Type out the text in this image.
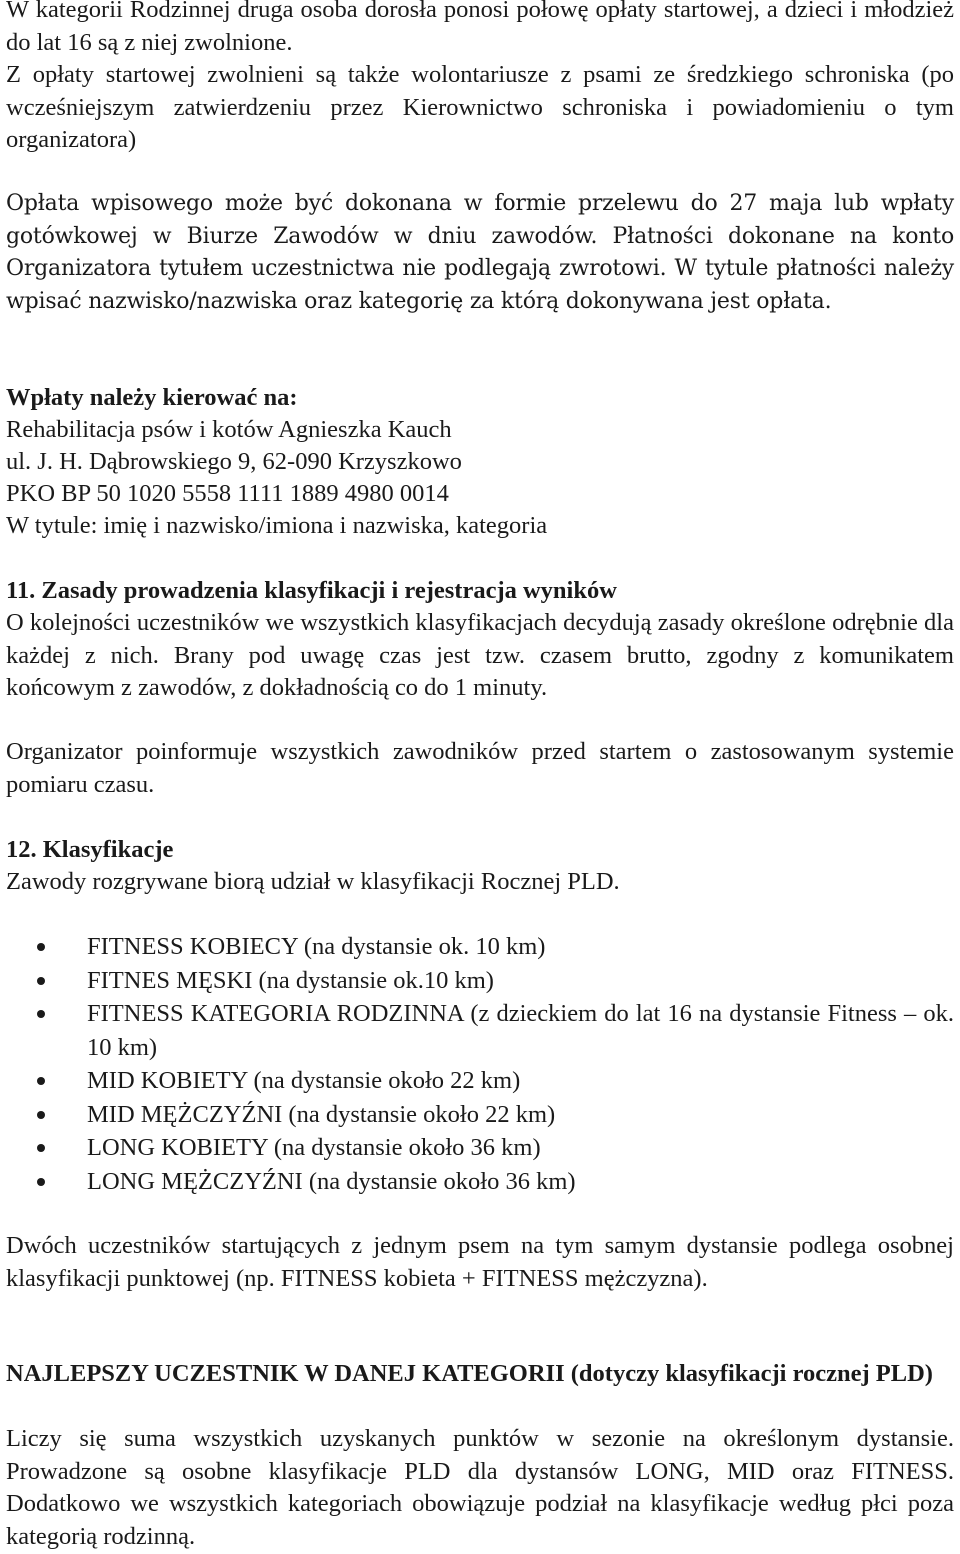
W kategorii Rodzinnej druga osoba dorosła ponosi połowę opłaty startowej, a dzieci i młodzież do lat 16 są z niej zwolnione.

Z opłaty startowej zwolnieni są także wolontariusze z psami ze średzkiego schroniska (po wcześniejszym zatwierdzeniu przez Kierownictwo schroniska i powiadomieniu o tym organizatora)

Opłata wpisowego może być dokonana w formie przelewu do 27 maja lub wpłaty gotówkowej w Biurze Zawodów w dniu zawodów. Płatności dokonane na konto Organizatora tytułem uczestnictwa nie podlegają zwrotowi. W tytule płatności należy wpisać nazwisko/nazwiska oraz kategorię za którą dokonywana jest opłata.

Wpłaty należy kierować na:

Rehabilitacja psów i kotów Agnieszka Kauch

ul. J. H. Dąbrowskiego 9, 62-090 Krzyszkowo

PKO BP 50 1020 5558 1111 1889 4980 0014

W tytule: imię i nazwisko/imiona i nazwiska, kategoria

11. Zasady prowadzenia klasyfikacji i rejestracja wyników

O kolejności uczestników we wszystkich klasyfikacjach decydują zasady określone odrębnie dla każdej z nich. Brany pod uwagę czas jest tzw. czasem brutto, zgodny z komunikatem końcowym z zawodów, z dokładnością co do 1 minuty.

Organizator poinformuje wszystkich zawodników przed startem o zastosowanym systemie pomiaru czasu.

12. Klasyfikacje

Zawody rozgrywane biorą udział w klasyfikacji Rocznej PLD.

FITNESS KOBIECY (na dystansie ok. 10 km)
FITNES MĘSKI (na dystansie ok.10 km)
FITNESS KATEGORIA RODZINNA (z dzieckiem do lat 16 na dystansie Fitness – ok. 10 km)
MID KOBIETY (na dystansie około 22 km)
MID MĘŻCZYŹNI (na dystansie około 22 km)
LONG KOBIETY (na dystansie około 36 km)
LONG MĘŻCZYŹNI (na dystansie około 36 km)

Dwóch uczestników startujących z jednym psem na tym samym dystansie podlega osobnej klasyfikacji punktowej (np. FITNESS kobieta + FITNESS mężczyzna).

NAJLEPSZY UCZESTNIK W DANEJ KATEGORII (dotyczy klasyfikacji rocznej PLD)

Liczy się suma wszystkich uzyskanych punktów w sezonie na określonym dystansie. Prowadzone są osobne klasyfikacje PLD dla dystansów LONG, MID oraz FITNESS. Dodatkowo we wszystkich kategoriach obowiązuje podział na klasyfikacje według płci poza kategorią rodzinną.
